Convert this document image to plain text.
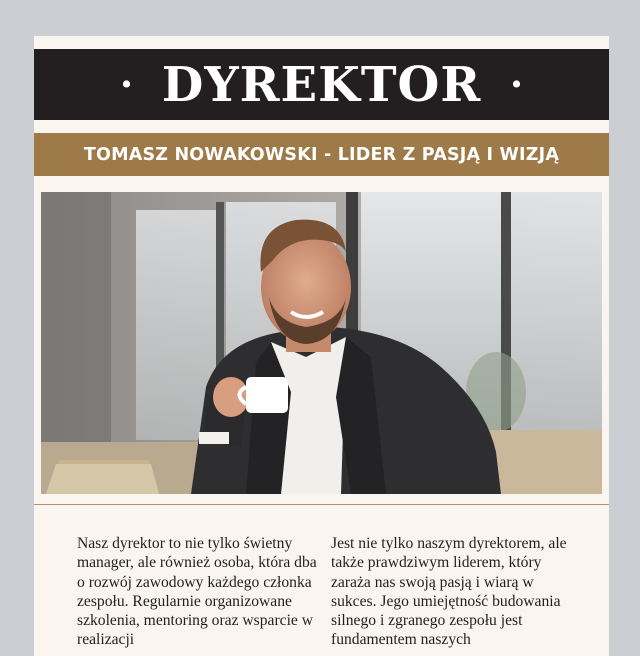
• DYREKTOR •
TOMASZ NOWAKOWSKI - LIDER Z PASJĄ I WIZJĄ
Nasz dyrektor to nie tylko świetny manager, ale również osoba, która dba o rozwój zawodowy każdego członka zespołu. Regularnie organizowane szkolenia, mentoring oraz wsparcie w realizacji
Jest nie tylko naszym dyrektorem, ale także prawdziwym liderem, który zaraża nas swoją pasją i wiarą w sukces. Jego umiejętność budowania silnego i zgranego zespołu jest fundamentem naszych
